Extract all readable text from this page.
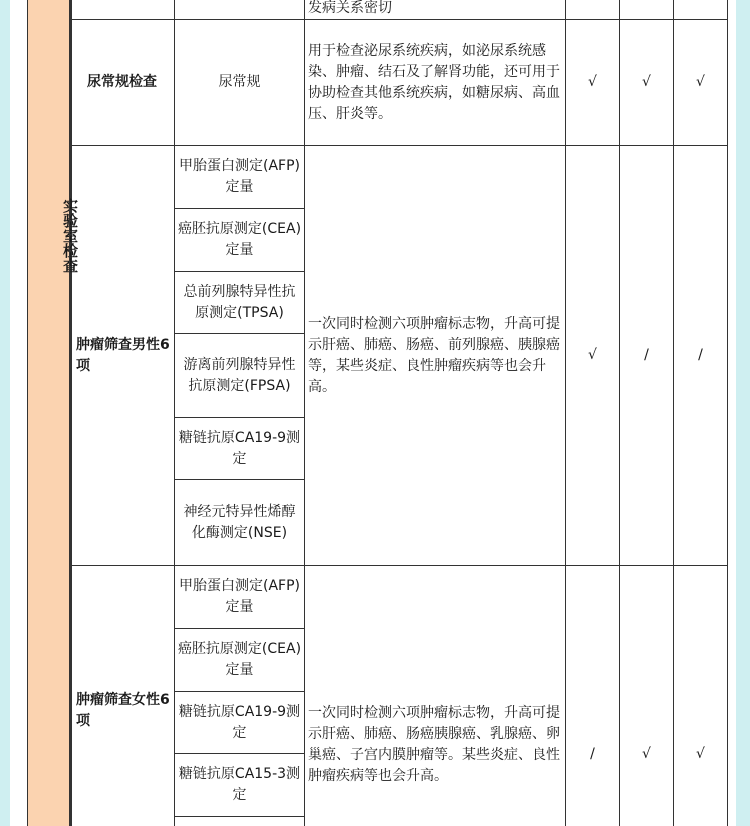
实验室检查

		发病关系密切			

尿常规检查	尿常规	用于检查泌尿系统疾病，如泌尿系统感染、肿瘤、结石及了解肾功能，还可用于协助检查其他系统疾病，如糖尿病、高血压、肝炎等。	√	√	√
肿瘤筛查男性6项	甲胎蛋白测定(AFP)定量	一次同时检测六项肿瘤标志物，升高可提示肝癌、肺癌、肠癌、前列腺癌、胰腺癌等，某些炎症、良性肿瘤疾病等也会升高。	√	/	/

	癌胚抗原测定(CEA)定量				

	总前列腺特异性抗原测定(TPSA)				

	游离前列腺特异性抗原测定(FPSA)				

	糖链抗原CA19-9测定				

	神经元特异性烯醇化酶测定(NSE)				

肿瘤筛查女性6项	甲胎蛋白测定(AFP)定量	一次同时检测六项肿瘤标志物，升高可提示肝癌、肺癌、肠癌胰腺癌、乳腺癌、卵巢癌、子宫内膜肿瘤等。某些炎症、良性肿瘤疾病等也会升高。	/	√	√

	癌胚抗原测定(CEA)定量				

	糖链抗原CA19-9测定				

	糖链抗原CA15-3测定				
